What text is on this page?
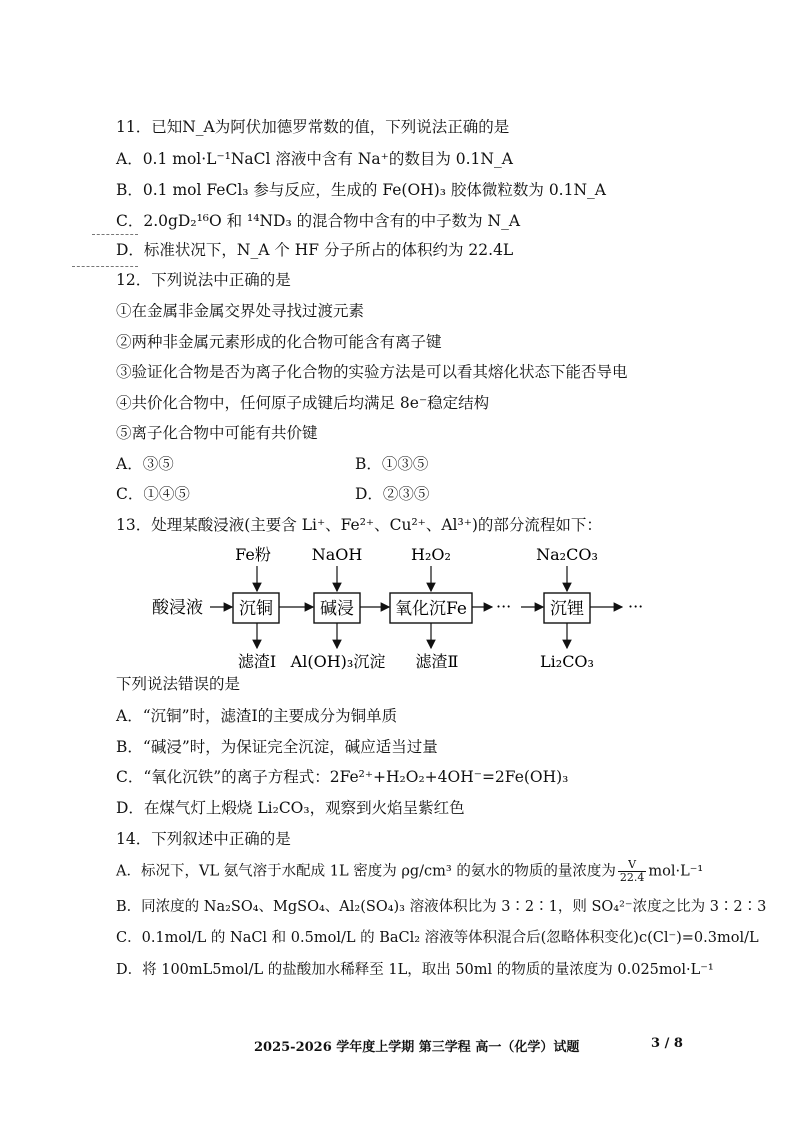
11．已知N_A为阿伏加德罗常数的值，下列说法正确的是
A．0.1 mol·L⁻¹NaCl 溶液中含有 Na⁺的数目为 0.1N_A
B．0.1 mol FeCl₃ 参与反应，生成的 Fe(OH)₃ 胶体微粒数为 0.1N_A
C．2.0gD₂¹⁶O 和 ¹⁴ND₃ 的混合物中含有的中子数为 N_A
D．标准状况下，N_A 个 HF 分子所占的体积约为 22.4L
12．下列说法中正确的是
①在金属非金属交界处寻找过渡元素
②两种非金属元素形成的化合物可能含有离子键
③验证化合物是否为离子化合物的实验方法是可以看其熔化状态下能否导电
④共价化合物中，任何原子成键后均满足 8e⁻稳定结构
⑤离子化合物中可能有共价键
A．③⑤	B．①③⑤
C．①④⑤	D．②③⑤
13．处理某酸浸液(主要含 Li⁺、Fe²⁺、Cu²⁺、Al³⁺)的部分流程如下：
Fe粉	NaOH	H₂O₂	Na₂CO₃
酸浸液 沉铜	碱浸 氧化沉Fe ··· 沉锂	···
滤渣Ⅰ Al(OH)₃沉淀 滤渣Ⅱ	Li₂CO₃
下列说法错误的是
A．“沉铜”时，滤渣Ⅰ的主要成分为铜单质
B．“碱浸”时，为保证完全沉淀，碱应适当过量
C．“氧化沉铁”的离子方程式：2Fe²⁺+H₂O₂+4OH⁻=2Fe(OH)₃
D．在煤气灯上煅烧 Li₂CO₃，观察到火焰呈紫红色
14．下列叙述中正确的是
A．标况下，VL 氨气溶于水配成 1L 密度为 ρg/cm³ 的氨水的物质的量浓度为 $\frac{V}{22.4} mol\cdot L^{-1}$
B．同浓度的 Na₂SO₄、MgSO₄、Al₂(SO₄)₃ 溶液体积比为 3∶2∶1，则 SO₄²⁻浓度之比为 3∶2∶3
C．0.1mol/L 的 NaCl 和 0.5mol/L 的 BaCl₂ 溶液等体积混合后(忽略体积变化)c(Cl⁻)=0.3mol/L
D．将 100mL5mol/L 的盐酸加水稀释至 1L，取出 50ml 的物质的量浓度为 0.025mol·L⁻¹
2025-2026 学年度上学期 第三学程 高一（化学）试题	3 / 8
